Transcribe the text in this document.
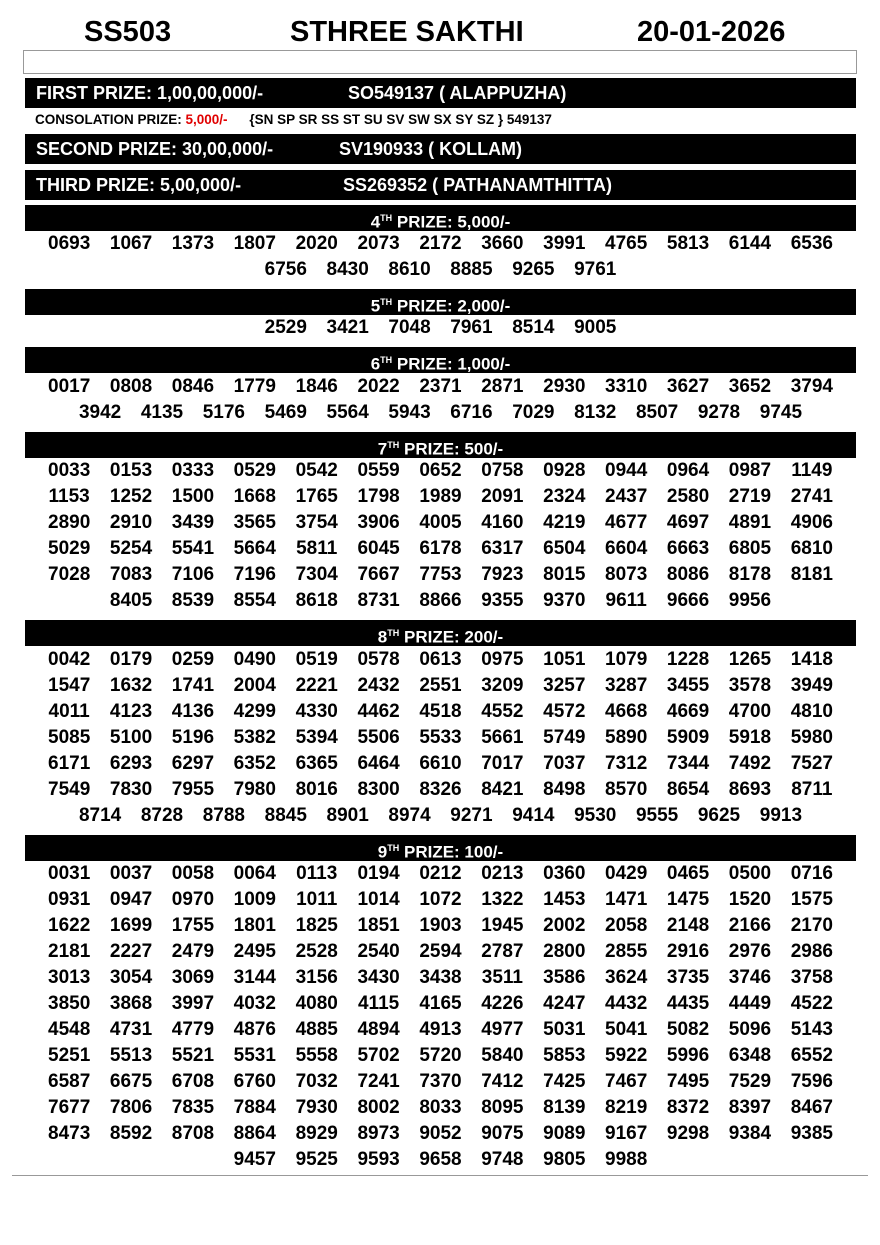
SS503	STHREE SAKTHI	20-01-2026
FIRST PRIZE: 1,00,00,000/-	SO549137 ( ALAPPUZHA)
CONSOLATION PRIZE: 5,000/- {SN SP SR SS ST SU SV SW SX SY SZ } 549137
SECOND PRIZE: 30,00,000/-	SV190933 ( KOLLAM)
THIRD PRIZE: 5,00,000/-	SS269352 ( PATHANAMTHITTA)
4TH PRIZE: 5,000/-
0693 1067 1373 1807 2020 2073 2172 3660 3991 4765 5813 6144 6536
6756 8430 8610 8885 9265 9761
5TH PRIZE: 2,000/-
2529 3421 7048 7961 8514 9005
6TH PRIZE: 1,000/-
0017 0808 0846 1779 1846 2022 2371 2871 2930 3310 3627 3652 3794
3942 4135 5176 5469 5564 5943 6716 7029 8132 8507 9278 9745
7TH PRIZE: 500/-
0033 0153 0333 0529 0542 0559 0652 0758 0928 0944 0964 0987 1149
1153 1252 1500 1668 1765 1798 1989 2091 2324 2437 2580 2719 2741
2890 2910 3439 3565 3754 3906 4005 4160 4219 4677 4697 4891 4906
5029 5254 5541 5664 5811 6045 6178 6317 6504 6604 6663 6805 6810
7028 7083 7106 7196 7304 7667 7753 7923 8015 8073 8086 8178 8181
8405 8539 8554 8618 8731 8866 9355 9370 9611 9666 9956
8TH PRIZE: 200/-
0042 0179 0259 0490 0519 0578 0613 0975 1051 1079 1228 1265 1418
1547 1632 1741 2004 2221 2432 2551 3209 3257 3287 3455 3578 3949
4011 4123 4136 4299 4330 4462 4518 4552 4572 4668 4669 4700 4810
5085 5100 5196 5382 5394 5506 5533 5661 5749 5890 5909 5918 5980
6171 6293 6297 6352 6365 6464 6610 7017 7037 7312 7344 7492 7527
7549 7830 7955 7980 8016 8300 8326 8421 8498 8570 8654 8693 8711
8714 8728 8788 8845 8901 8974 9271 9414 9530 9555 9625 9913
9TH PRIZE: 100/-
0031 0037 0058 0064 0113 0194 0212 0213 0360 0429 0465 0500 0716
0931 0947 0970 1009 1011 1014 1072 1322 1453 1471 1475 1520 1575
1622 1699 1755 1801 1825 1851 1903 1945 2002 2058 2148 2166 2170
2181 2227 2479 2495 2528 2540 2594 2787 2800 2855 2916 2976 2986
3013 3054 3069 3144 3156 3430 3438 3511 3586 3624 3735 3746 3758
3850 3868 3997 4032 4080 4115 4165 4226 4247 4432 4435 4449 4522
4548 4731 4779 4876 4885 4894 4913 4977 5031 5041 5082 5096 5143
5251 5513 5521 5531 5558 5702 5720 5840 5853 5922 5996 6348 6552
6587 6675 6708 6760 7032 7241 7370 7412 7425 7467 7495 7529 7596
7677 7806 7835 7884 7930 8002 8033 8095 8139 8219 8372 8397 8467
8473 8592 8708 8864 8929 8973 9052 9075 9089 9167 9298 9384 9385
9457 9525 9593 9658 9748 9805 9988
